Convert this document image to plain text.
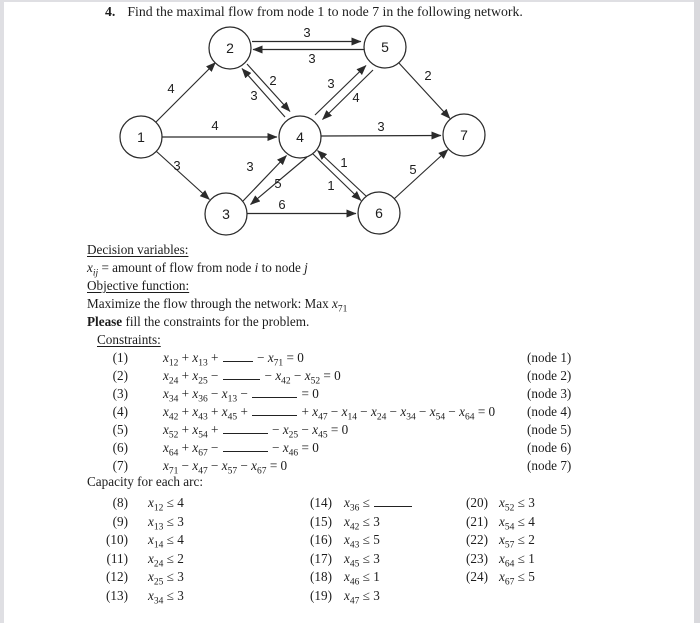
4. Find the maximal flow from node 1 to node 7 in the following network.
4
3
3
2
3
3
4
2
4	3
3	3
5
1
1
5
6
1
2
3
4
5
6
7
Decision variables:
$x_{ij}$ = amount of flow from node i to node j
Objective function:
Maximize the flow through the network: Max $x_{71}$
Please fill the constraints for the problem.
Constraints:
(1)	$x_{12} + x_{13}$ +  − $x_{71} = 0$	(node 1)
(2)	$x_{24} + x_{25}$ −	− $x_{42} - x_{52} = 0$	(node 2)
(3)	$x_{34} + x_{36} - x_{13}$ −	= 0	(node 3)
(4)	$x_{42} + x_{43} + x_{45}$ +	+ $x_{47} - x_{14} - x_{24} - x_{34} - x_{54} - x_{64} = 0$ (node 4)
(5)	$x_{52} + x_{54}$ +	− $x_{25} - x_{45} = 0$	(node 5)
(6)	$x_{64} + x_{67}$ −	− $x_{46} = 0$	(node 6)
(7)	$x_{71} - x_{47} - x_{57} - x_{67} = 0$	(node 7)
Capacity for each arc:
(8) $x_{12} \le 4$
(9) $x_{13} \le 3$
(10) $x_{14} \le 4$
(11) $x_{24} \le 2$
(12) $x_{25} \le 3$
(13) $x_{34} \le 3$
(14) $x_{36}$ ≤
(15) $x_{42} \le 3$
(16) $x_{43} \le 5$
(17) $x_{45} \le 3$
(18) $x_{46} \le 1$
(19) $x_{47} \le 3$
(20) $x_{52} \le 3$
(21) $x_{54} \le 4$
(22) $x_{57} \le 2$
(23) $x_{64} \le 1$
(24) $x_{67} \le 5$
